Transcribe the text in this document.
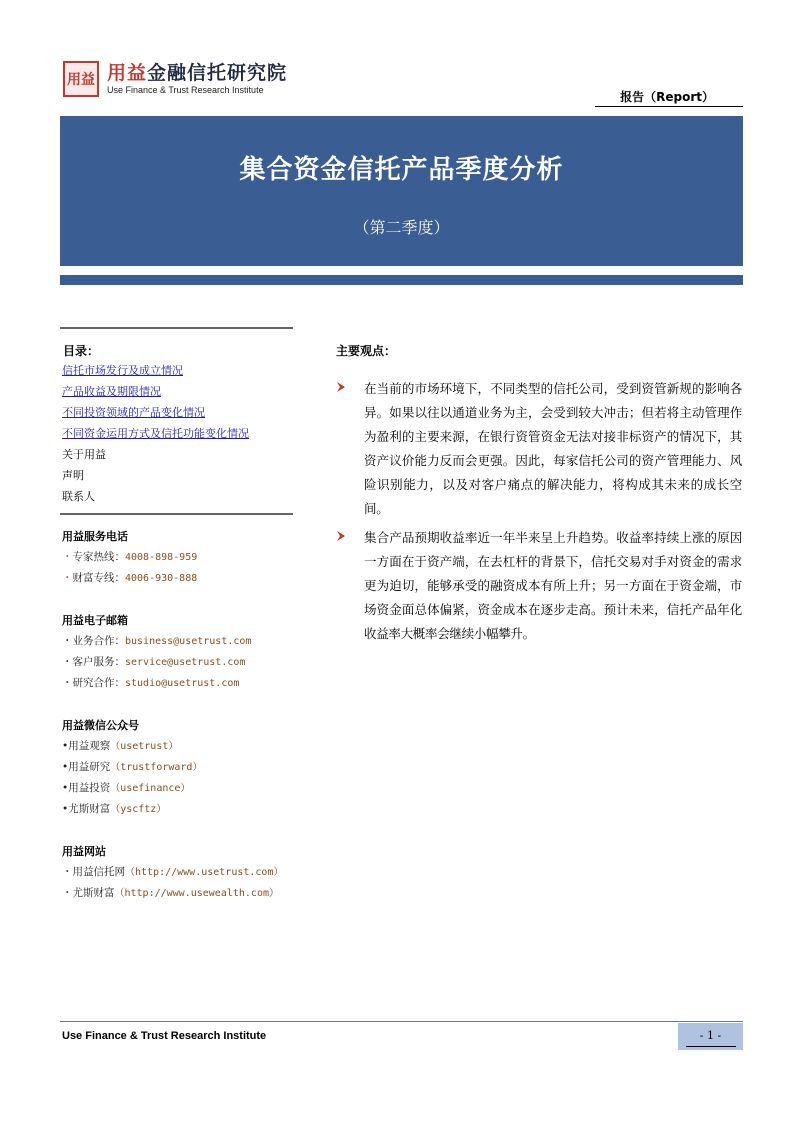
用益 用益金融信托研究院
Use Finance & Trust Research Institute	报告（Report）
集合资金信托产品季度分析
（第二季度）
目录：
信托市场发行及成立情况
产品收益及期限情况
不同投资领域的产品变化情况
不同资金运用方式及信托功能变化情况
关于用益
声明
联系人
用益服务电话
・专家热线：4008-898-959
・财富专线：4006-930-888
用益电子邮箱
・业务合作：business@usetrust.com
・客户服务：service@usetrust.com
・研究合作：studio@usetrust.com
用益微信公众号
•用益观察（usetrust）
•用益研究（trustforward）
•用益投资（usefinance）
•尤斯财富（yscftz）
用益网站
・用益信托网（http://www.usetrust.com）
・尤斯财富（http://www.usewealth.com）
主要观点：

在当前的市场环境下，不同类型的信托公司，受到资管新规的影响各异。如果以往以通道业务为主，会受到较大冲击；但若将主动管理作为盈利的主要来源，在银行资管资金无法对接非标资产的情况下，其资产议价能力反而会更强。因此，每家信托公司的资产管理能力、风险识别能力，以及对客户痛点的解决能力，将构成其未来的成长空间。

集合产品预期收益率近一年半来呈上升趋势。收益率持续上涨的原因一方面在于资产端，在去杠杆的背景下，信托交易对手对资金的需求更为迫切，能够承受的融资成本有所上升；另一方面在于资金端，市场资金面总体偏紧，资金成本在逐步走高。预计未来，信托产品年化收益率大概率会继续小幅攀升。

Use Finance & Trust Research Institute	- 1 -
